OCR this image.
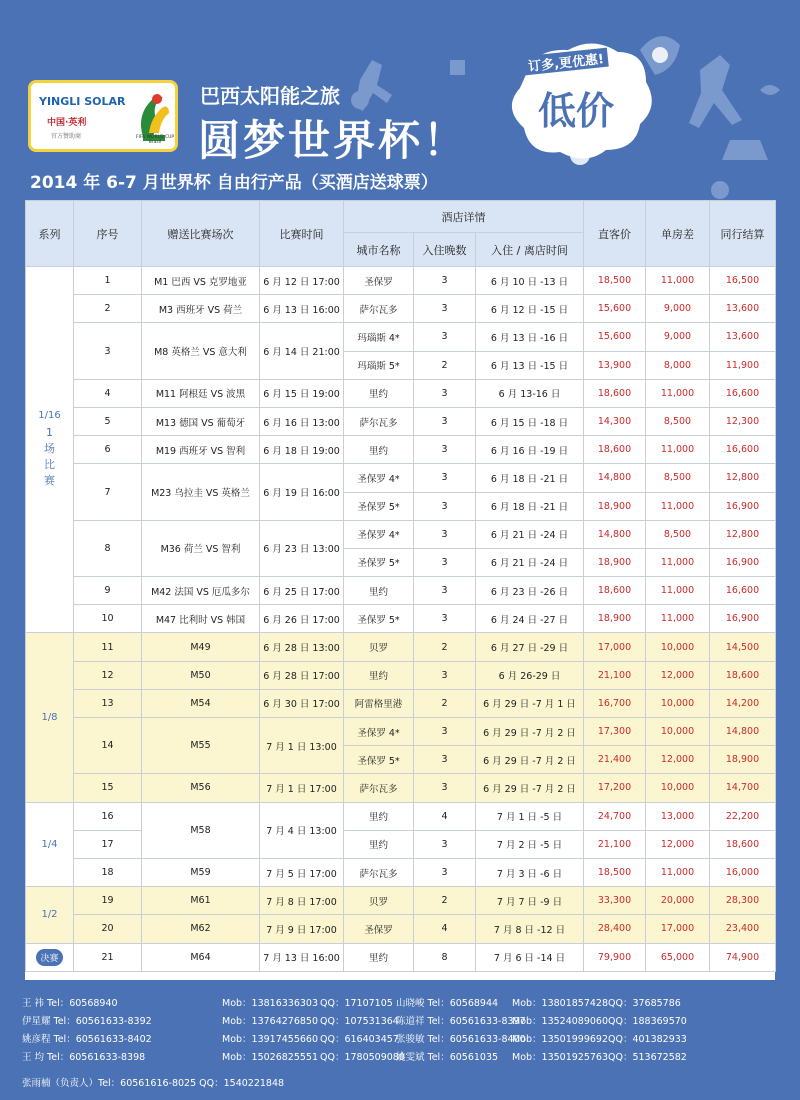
YINGLI SOLAR
中国·英利
官方赞助商	FIFA WORLD CUP Brasil
巴西太阳能之旅
圆梦世界杯！
订多,更优惠!
低价
2014 年 6-7 月世界杯 自由行产品（买酒店送球票）
系列	序号	赠送比赛场次	比赛时间	酒店详情			直客价	单房差	同行结算
				城市名称	入住晚数	入住 / 离店时间			

1/16
1场比赛	1	M1 巴西 VS 克罗地亚	6 月 12 日 17:00	圣保罗	3	6 月 10 日 -13 日	18,500	11,000	16,500
	2	M3 西班牙 VS 荷兰	6 月 13 日 16:00	萨尔瓦多	3	6 月 12 日 -15 日	15,600	9,000	13,600
	3	M8 英格兰 VS 意大利	6 月 14 日 21:00	玛瑙斯 4*	3	6 月 13 日 -16 日	15,600	9,000	13,600
				玛瑙斯 5*	2	6 月 13 日 -15 日	13,900	8,000	11,900
	4	M11 阿根廷 VS 波黑	6 月 15 日 19:00	里约	3	6 月 13-16 日	18,600	11,000	16,600
	5	M13 德国 VS 葡萄牙	6 月 16 日 13:00	萨尔瓦多	3	6 月 15 日 -18 日	14,300	8,500	12,300
	6	M19 西班牙 VS 智利	6 月 18 日 19:00	里约	3	6 月 16 日 -19 日	18,600	11,000	16,600
	7	M23 乌拉圭 VS 英格兰	6 月 19 日 16:00	圣保罗 4*	3	6 月 18 日 -21 日	14,800	8,500	12,800
				圣保罗 5*	3	6 月 18 日 -21 日	18,900	11,000	16,900
	8	M36 荷兰 VS 智利	6 月 23 日 13:00	圣保罗 4*	3	6 月 21 日 -24 日	14,800	8,500	12,800
				圣保罗 5*	3	6 月 21 日 -24 日	18,900	11,000	16,900
	9	M42 法国 VS 厄瓜多尔	6 月 25 日 17:00	里约	3	6 月 23 日 -26 日	18,600	11,000	16,600
	10	M47 比利时 VS 韩国	6 月 26 日 17:00	圣保罗 5*	3	6 月 24 日 -27 日	18,900	11,000	16,900

1/8	11	M49	6 月 28 日 13:00	贝罗	2	6 月 27 日 -29 日	17,000	10,000	14,500
	12	M50	6 月 28 日 17:00	里约	3	6 月 26-29 日	21,100	12,000	18,600
	13	M54	6 月 30 日 17:00	阿雷格里港	2	6 月 29 日 -7 月 1 日	16,700	10,000	14,200
	14	M55	7 月 1 日 13:00	圣保罗 4*	3	6 月 29 日 -7 月 2 日	17,300	10,000	14,800
				圣保罗 5*	3	6 月 29 日 -7 月 2 日	21,400	12,000	18,900
	15	M56	7 月 1 日 17:00	萨尔瓦多	3	6 月 29 日 -7 月 2 日	17,200	10,000	14,700

1/4	16	M58	7 月 4 日 13:00	里约	4	7 月 1 日 -5 日	24,700	13,000	22,200
	17			里约	3	7 月 2 日 -5 日	21,100	12,000	18,600
	18	M59	7 月 5 日 17:00	萨尔瓦多	3	7 月 3 日 -6 日	18,500	11,000	16,000

1/2	19	M61	7 月 8 日 17:00	贝罗	2	7 月 7 日 -9 日	33,300	20,000	28,300
	20	M62	7 月 9 日 17:00	圣保罗	4	7 月 8 日 -12 日	28,400	17,000	23,400
决赛	21	M64	7 月 13 日 16:00	里约	8	7 月 6 日 -14 日	79,900	65,000	74,900
王 祎 Tel：60568940	Mob：13816336303 QQ：17107105
伊星耀 Tel：60561633-8392	Mob：13764276850 QQ：107531364
姚彦程 Tel：60561633-8402	Mob：13917455660 QQ：616403457
王 均 Tel：60561633-8398	Mob：15026825551 QQ：1780509080
山晓峻 Tel：60568944 Mob：13801857428 QQ：37685786
陈道祥 Tel：60561633-8397
Mob：13524089060 QQ：188369570
张骏敏 Tel：60561633-8400
Mob：13501999692 QQ：401382933
姚雯斌 Tel：60561035 Mob：13501925763 QQ：513672582
张雨楠（负责人）Tel：60561616-8025 QQ：1540221848
